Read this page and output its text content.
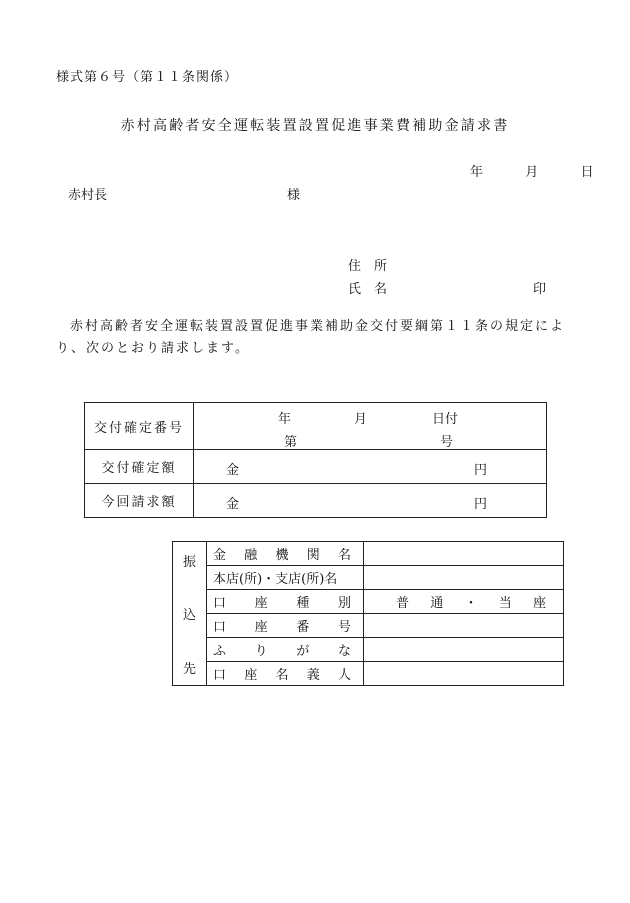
様式第６号（第１１条関係）
赤村高齢者安全運転装置設置促進事業費補助金請求書
年	月	日
赤村長	様
住　所
氏　名	印
赤村高齢者安全運転装置設置促進事業補助金交付要綱第１１条の規定により、次のとおり請求します。
交付確定番号	年 月 日付
第 号

交付確定額	金 円

今回請求額	金 円
振
込
先	金 融 機 関 名	

	本店(所)・支店(所)名	

	口 座 種 別	普 通 ・ 当 座

	口 座 番 号	

	ふ り が な	

	口 座 名 義 人	
